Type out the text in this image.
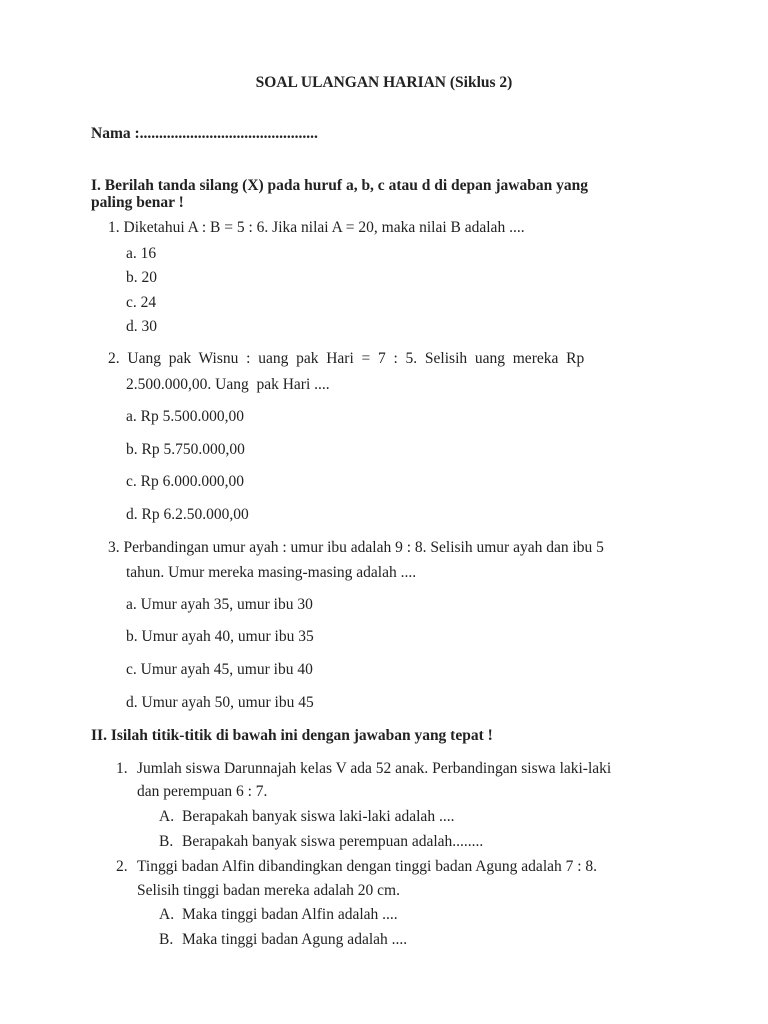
SOAL ULANGAN HARIAN (Siklus 2)
Nama :..............................................
I. Berilah tanda silang (X) pada huruf a, b, c atau d di depan jawaban yang
paling benar !
1. Diketahui A : B = 5 : 6. Jika nilai A = 20, maka nilai B adalah ....
a. 16
b. 20
c. 24
d. 30
2.  Uang  pak  Wisnu  :  uang  pak  Hari  =  7  :  5.  Selisih  uang  mereka  Rp
2.500.000,00. Uang  pak Hari ....
a. Rp 5.500.000,00
b. Rp 5.750.000,00
c. Rp 6.000.000,00
d. Rp 6.2.50.000,00
3. Perbandingan umur ayah : umur ibu adalah 9 : 8. Selisih umur ayah dan ibu 5
tahun. Umur mereka masing-masing adalah ....
a. Umur ayah 35, umur ibu 30
b. Umur ayah 40, umur ibu 35
c. Umur ayah 45, umur ibu 40
d. Umur ayah 50, umur ibu 45
II. Isilah titik-titik di bawah ini dengan jawaban yang tepat !
1. Jumlah siswa Darunnajah kelas V ada 52 anak. Perbandingan siswa laki-laki
dan perempuan 6 : 7.
A. Berapakah banyak siswa laki-laki adalah ....
B. Berapakah banyak siswa perempuan adalah........
2. Tinggi badan Alfin dibandingkan dengan tinggi badan Agung adalah 7 : 8.
Selisih tinggi badan mereka adalah 20 cm.
A. Maka tinggi badan Alfin adalah ....
B. Maka tinggi badan Agung adalah ....
